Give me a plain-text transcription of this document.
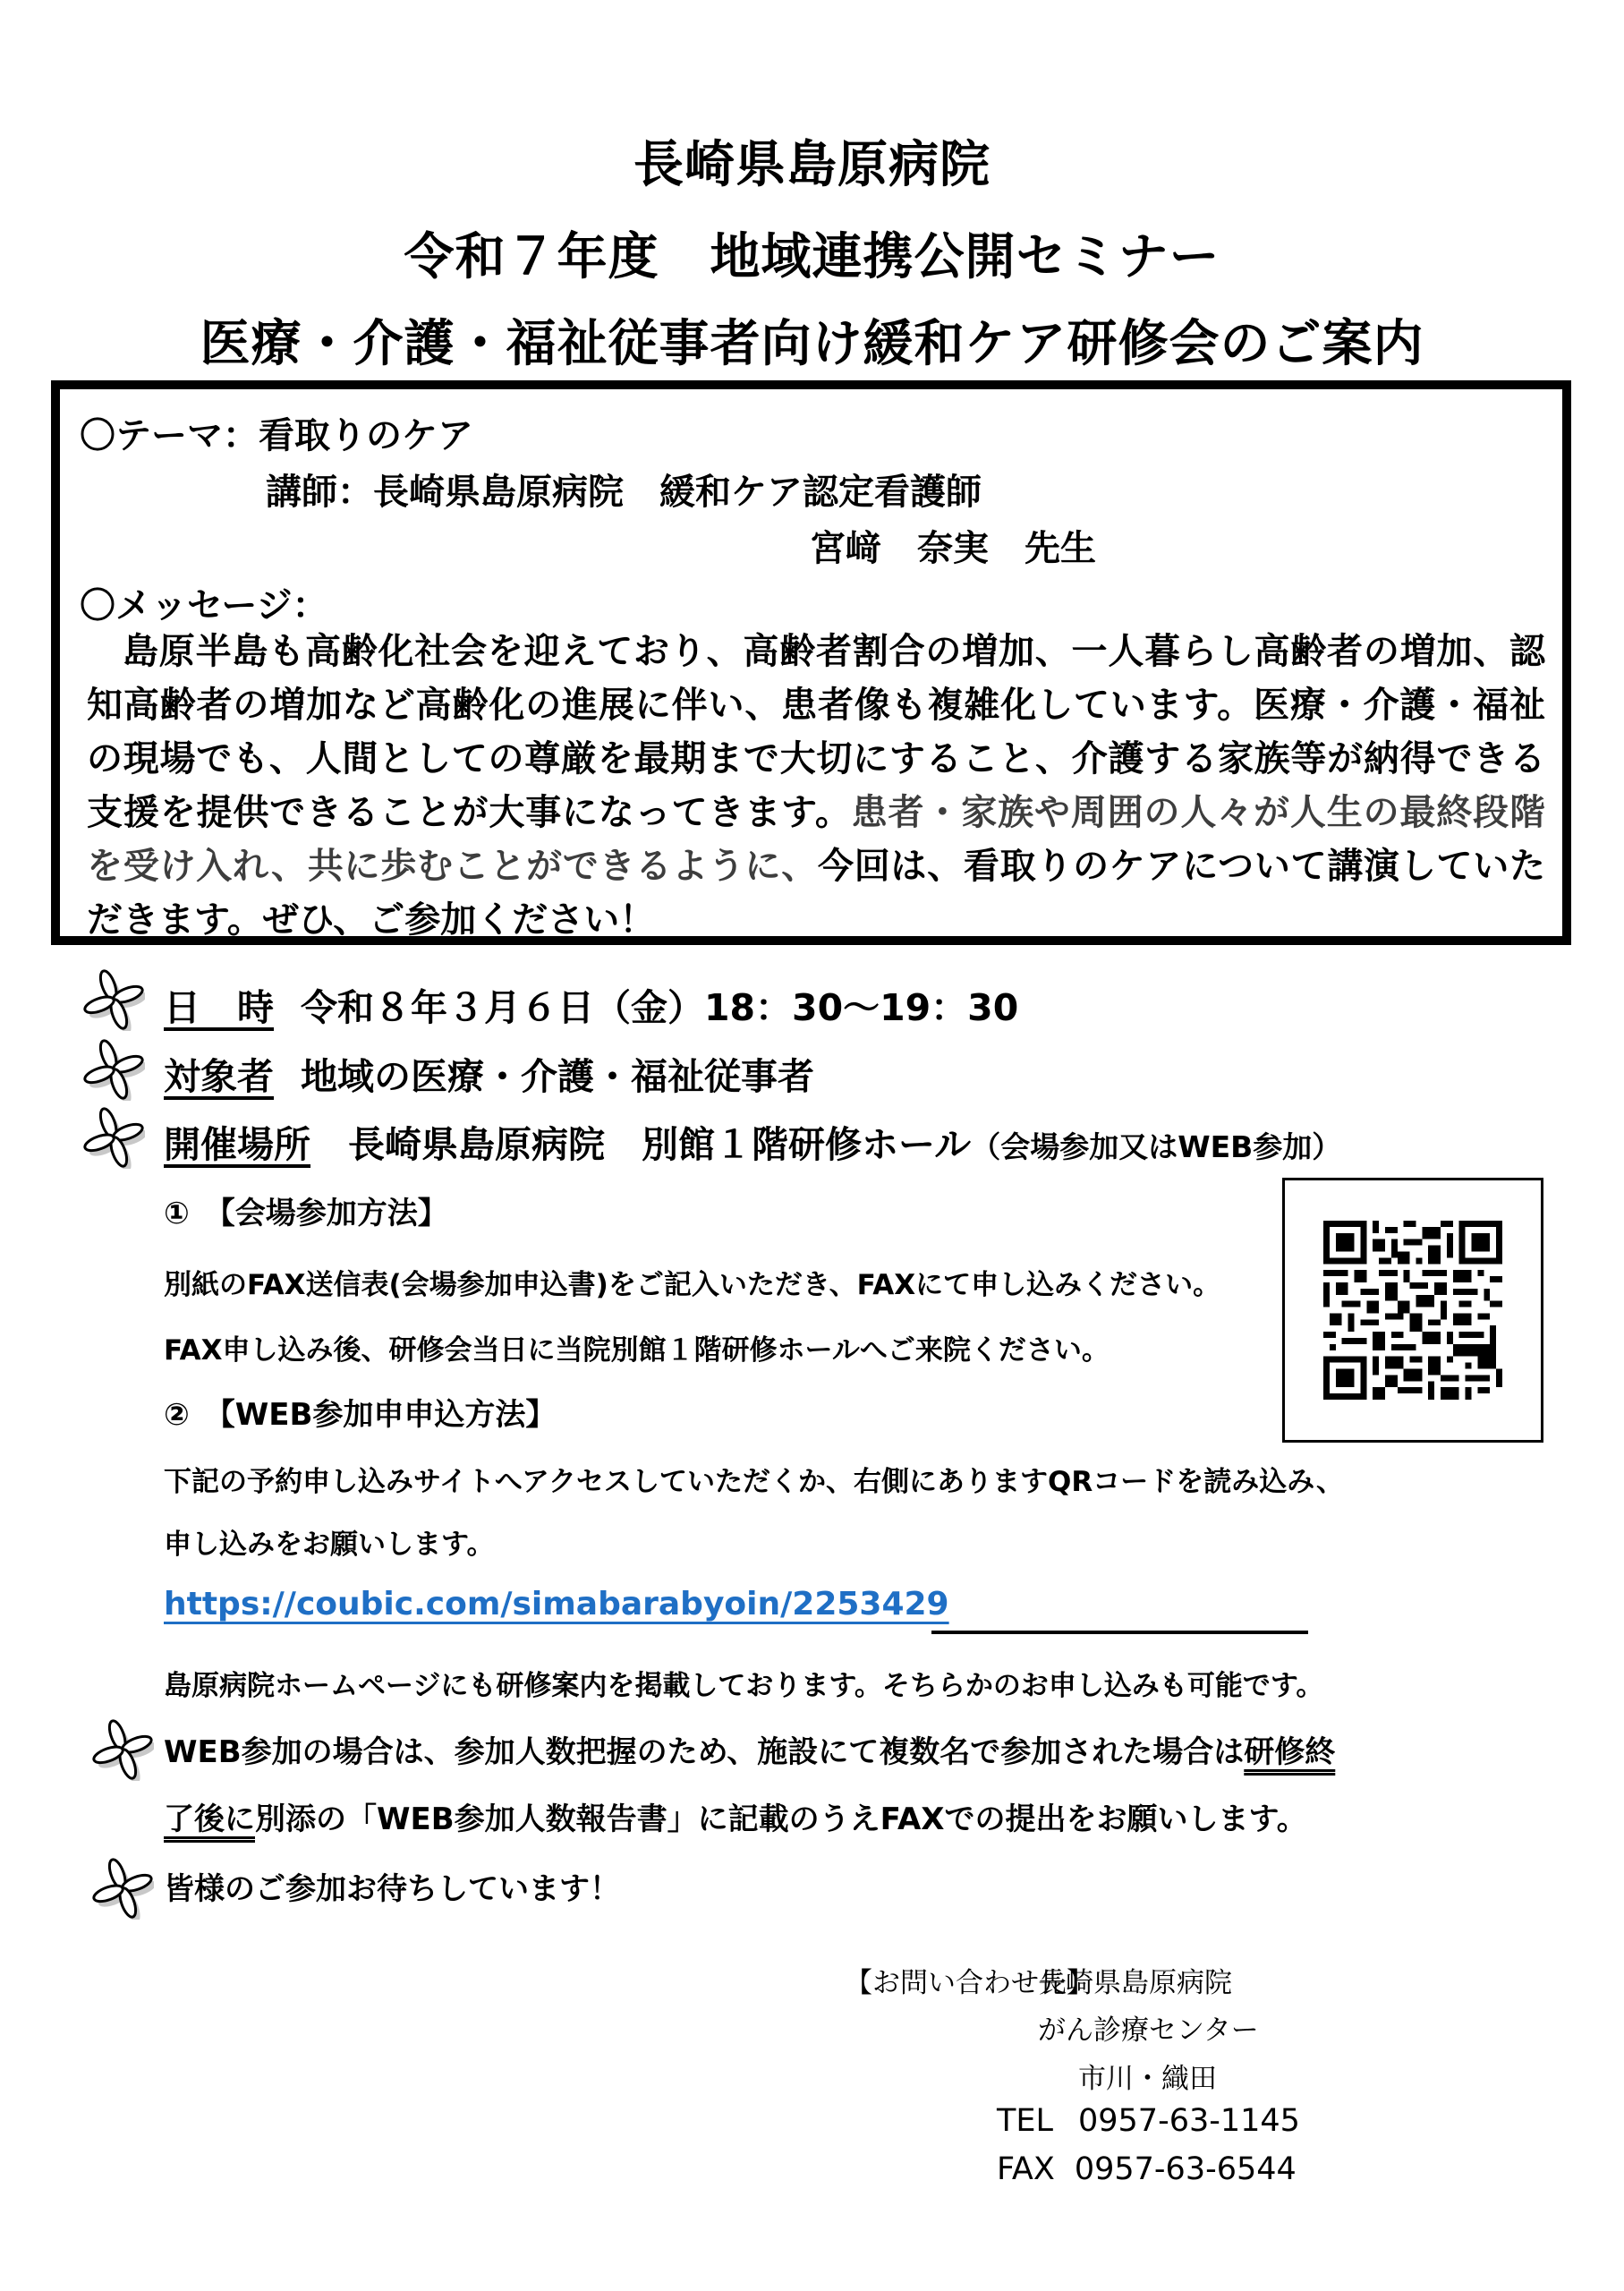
長崎県島原病院
令和７年度　地域連携公開セミナー
医療・介護・福祉従事者向け緩和ケア研修会のご案内
〇テーマ：看取りのケア
講師：長崎県島原病院　緩和ケア認定看護師
宮﨑　奈実　先生
〇メッセージ：
島原半島も高齢化社会を迎えており、高齢者割合の増加、一人暮らし高齢者の増加、認知高齢者の増加など高齢化の進展に伴い、患者像も複雑化しています。医療・介護・福祉の現場でも、人間としての尊厳を最期まで大切にすること、介護する家族等が納得できる支援を提供できることが大事になってきます。患者・家族や周囲の人々が人生の最終段階を受け入れ、共に歩むことができるように、今回は、看取りのケアについて講演していただきます。ぜひ、ご参加ください！
日　時 令和８年３月６日（金）18：30〜19：30
対象者 地域の医療・介護・福祉従事者
開催場所 長崎県島原病院　別館１階研修ホール（会場参加又はWEB参加）
①　【会場参加方法】
別紙のFAX送信表(会場参加申込書)をご記入いただき、FAXにて申し込みください。
FAX申し込み後、研修会当日に当院別館１階研修ホールへご来院ください。
②　【WEB参加申申込方法】
下記の予約申し込みサイトへアクセスしていただくか、右側にありますQRコードを読み込み、
申し込みをお願いします。
https://coubic.com/simabarabyoin/2253429
島原病院ホームページにも研修案内を掲載しております。そちらかのお申し込みも可能です。
WEB参加の場合は、参加人数把握のため、施設にて複数名で参加された場合は研修終
了後に別添の「WEB参加人数報告書」に記載のうえFAXでの提出をお願いします。
皆様のご参加お待ちしています！
【お問い合わせ先】
長崎県島原病院
がん診療センター
市川・織田
TEL 0957-63-1145
FAX 0957-63-6544
